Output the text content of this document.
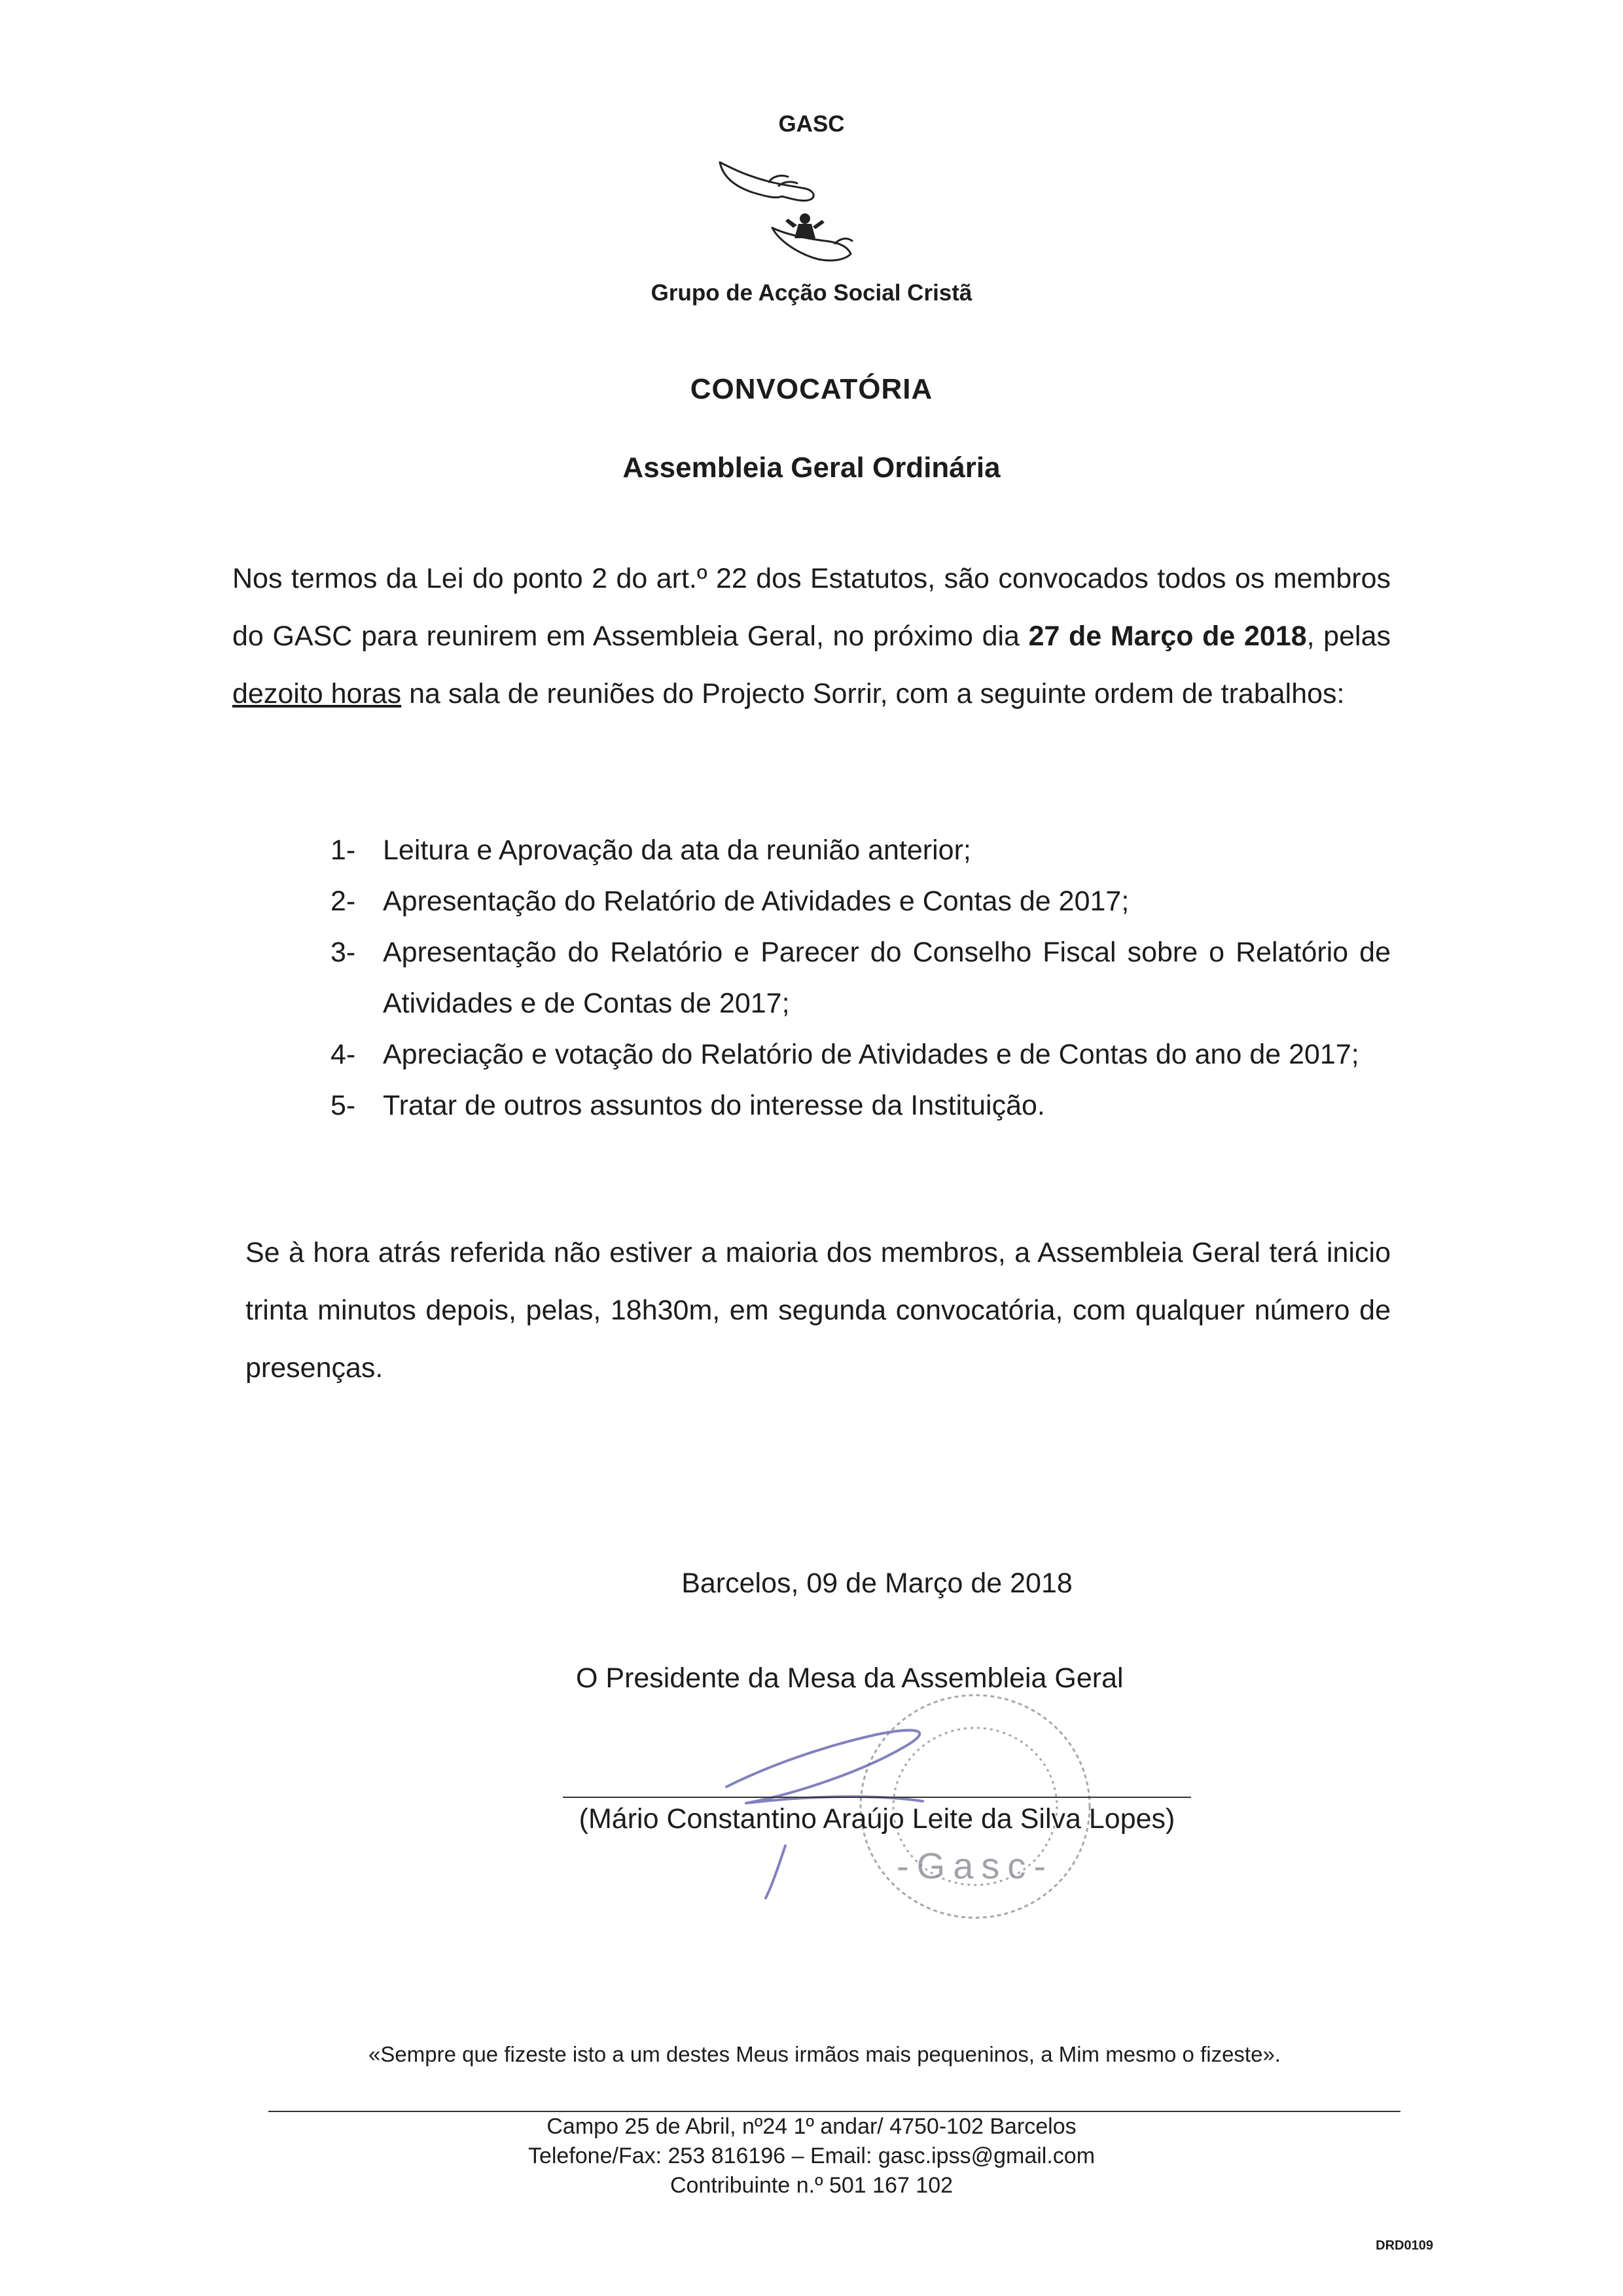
GASC
Grupo de Acção Social Cristã
CONVOCATÓRIA
Assembleia Geral Ordinária

Nos termos da Lei do ponto 2 do art.º 22 dos Estatutos, são convocados todos os membros do GASC para reunirem em Assembleia Geral, no próximo dia 27 de Março de 2018, pelas dezoito horas na sala de reuniões do Projecto Sorrir, com a seguinte ordem de trabalhos:

1- Leitura e Aprovação da ata da reunião anterior;
2- Apresentação do Relatório de Atividades e Contas de 2017;
3- Apresentação do Relatório e Parecer do Conselho Fiscal sobre o Relatório de Atividades e de Contas de 2017;
4- Apreciação e votação do Relatório de Atividades e de Contas do ano de 2017;
5- Tratar de outros assuntos do interesse da Instituição.

Se à hora atrás referida não estiver a maioria dos membros, a Assembleia Geral terá inicio trinta minutos depois, pelas, 18h30m, em segunda convocatória, com qualquer número de presenças.

Barcelos, 09 de Março de 2018
O Presidente da Mesa da Assembleia Geral
-Gasc-
(Mário Constantino Araújo Leite da Silva Lopes)
«Sempre que fizeste isto a um destes Meus irmãos mais pequeninos, a Mim mesmo o fizeste».
Campo 25 de Abril, nº24 1º andar/ 4750-102 Barcelos
Telefone/Fax: 253 816196 – Email: gasc.ipss@gmail.com
Contribuinte n.º 501 167 102
DRD0109
